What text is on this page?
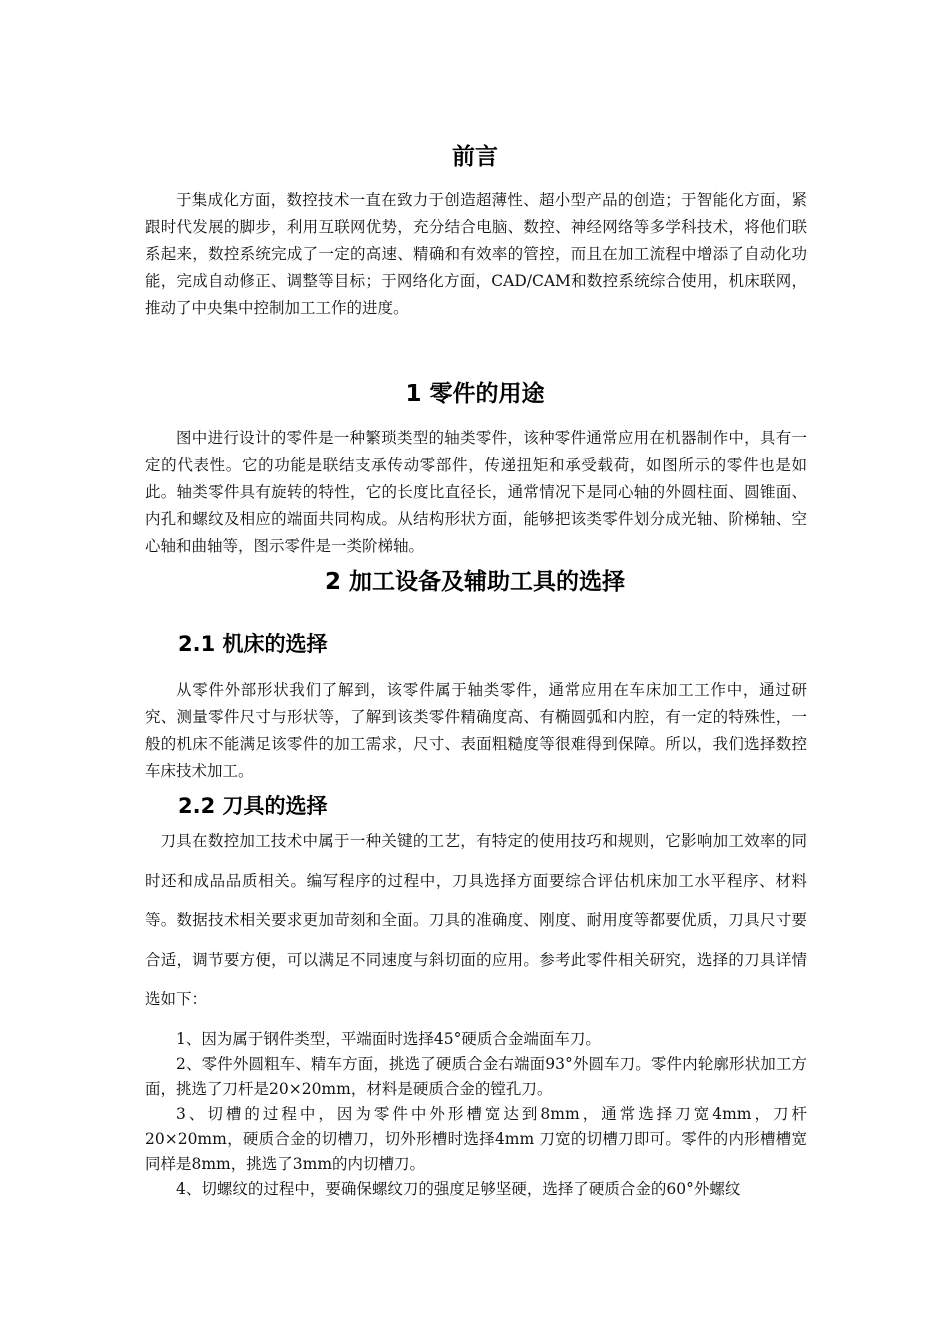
前言

于集成化方面，数控技术一直在致力于创造超薄性、超小型产品的创造；于智能化方面，紧跟时代发展的脚步，利用互联网优势，充分结合电脑、数控、神经网络等多学科技术，将他们联系起来，数控系统完成了一定的高速、精确和有效率的管控，而且在加工流程中增添了自动化功能，完成自动修正、调整等目标；于网络化方面，CAD/CAM和数控系统综合使用，机床联网，推动了中央集中控制加工工作的进度。

1 零件的用途

图中进行设计的零件是一种繁琐类型的轴类零件，该种零件通常应用在机器制作中，具有一定的代表性。它的功能是联结支承传动零部件，传递扭矩和承受载荷，如图所示的零件也是如此。轴类零件具有旋转的特性，它的长度比直径长，通常情况下是同心轴的外圆柱面、圆锥面、内孔和螺纹及相应的端面共同构成。从结构形状方面，能够把该类零件划分成光轴、阶梯轴、空心轴和曲轴等，图示零件是一类阶梯轴。

2 加工设备及辅助工具的选择
2.1 机床的选择

从零件外部形状我们了解到，该零件属于轴类零件，通常应用在车床加工工作中，通过研究、测量零件尺寸与形状等，了解到该类零件精确度高、有椭圆弧和内腔，有一定的特殊性，一般的机床不能满足该零件的加工需求，尺寸、表面粗糙度等很难得到保障。所以，我们选择数控车床技术加工。

2.2 刀具的选择

刀具在数控加工技术中属于一种关键的工艺，有特定的使用技巧和规则，它影响加工效率的同时还和成品品质相关。编写程序的过程中，刀具选择方面要综合评估机床加工水平程序、材料等。数据技术相关要求更加苛刻和全面。刀具的准确度、刚度、耐用度等都要优质，刀具尺寸要合适，调节要方便，可以满足不同速度与斜切面的应用。参考此零件相关研究，选择的刀具详情选如下：

1、因为属于钢件类型，平端面时选择45°硬质合金端面车刀。

2、零件外圆粗车、精车方面，挑选了硬质合金右端面93°外圆车刀。零件内轮廓形状加工方面，挑选了刀杆是20×20mm，材料是硬质合金的镗孔刀。

3、切槽的过程中，因为零件中外形槽宽达到8mm，通常选择刀宽4mm，刀杆20×20mm，硬质合金的切槽刀，切外形槽时选择4mm 刀宽的切槽刀即可。零件的内形槽槽宽同样是8mm，挑选了3mm的内切槽刀。

4、切螺纹的过程中，要确保螺纹刀的强度足够坚硬，选择了硬质合金的60°外螺纹
